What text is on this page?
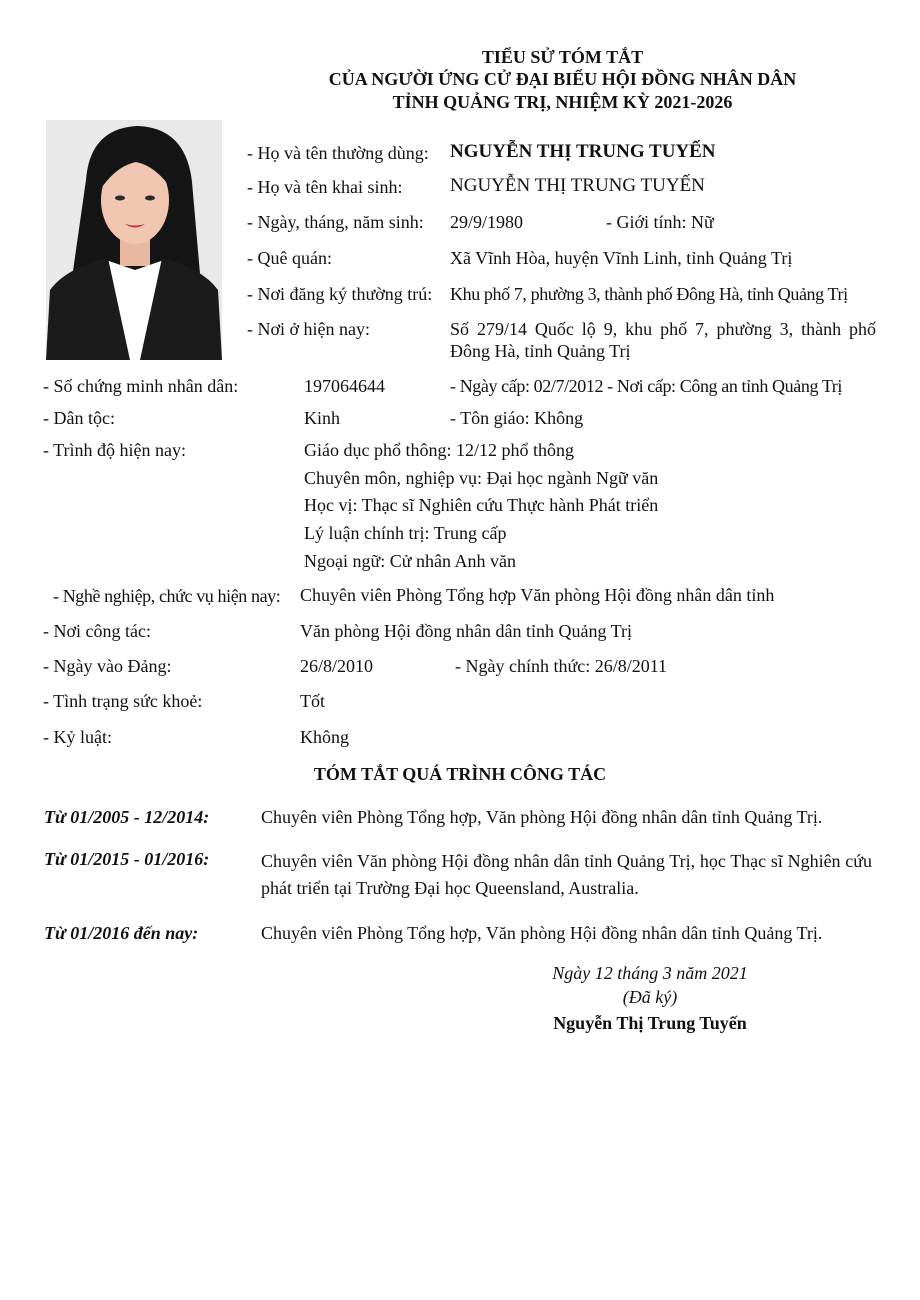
TIỂU SỬ TÓM TẮT
CỦA NGƯỜI ỨNG CỬ ĐẠI BIỂU HỘI ĐỒNG NHÂN DÂN
TỈNH QUẢNG TRỊ, NHIỆM KỲ 2021-2026
- Họ và tên thường dùng: NGUYỄN THỊ TRUNG TUYẾN
- Họ và tên khai sinh:	NGUYỄN THỊ TRUNG TUYẾN
- Ngày, tháng, năm sinh: 29/9/1980	- Giới tính: Nữ
- Quê quán:	Xã Vĩnh Hòa, huyện Vĩnh Linh, tỉnh Quảng Trị
- Nơi đăng ký thường trú: Khu phố 7, phường 3, thành phố Đông Hà, tỉnh Quảng Trị
- Nơi ở hiện nay:	Số 279/14 Quốc lộ 9, khu phố 7, phường 3, thành phố Đông Hà, tỉnh Quảng Trị
- Số chứng minh nhân dân:	197064644	- Ngày cấp: 02/7/2012 - Nơi cấp: Công an tỉnh Quảng Trị
- Dân tộc:	Kinh	- Tôn giáo: Không
- Trình độ hiện nay:	Giáo dục phổ thông: 12/12 phổ thông
Chuyên môn, nghiệp vụ: Đại học ngành Ngữ văn
Học vị: Thạc sĩ Nghiên cứu Thực hành Phát triển
Lý luận chính trị: Trung cấp
Ngoại ngữ: Cử nhân Anh văn
- Nghề nghiệp, chức vụ hiện nay: Chuyên viên Phòng Tổng hợp Văn phòng Hội đồng nhân dân tỉnh
- Nơi công tác:	Văn phòng Hội đồng nhân dân tỉnh Quảng Trị
- Ngày vào Đảng:	26/8/2010	- Ngày chính thức: 26/8/2011
- Tình trạng sức khoẻ:	Tốt
- Kỷ luật:	Không
TÓM TẮT QUÁ TRÌNH CÔNG TÁC
Từ 01/2005 - 12/2014:	Chuyên viên Phòng Tổng hợp, Văn phòng Hội đồng nhân dân tỉnh Quảng Trị.
Từ 01/2015 - 01/2016:	Chuyên viên Văn phòng Hội đồng nhân dân tỉnh Quảng Trị, học Thạc sĩ Nghiên cứu phát triển tại Trường Đại học Queensland, Australia.
Từ 01/2016 đến nay:	Chuyên viên Phòng Tổng hợp, Văn phòng Hội đồng nhân dân tỉnh Quảng Trị.
Ngày 12 tháng 3 năm 2021
(Đã ký)
Nguyễn Thị Trung Tuyến
